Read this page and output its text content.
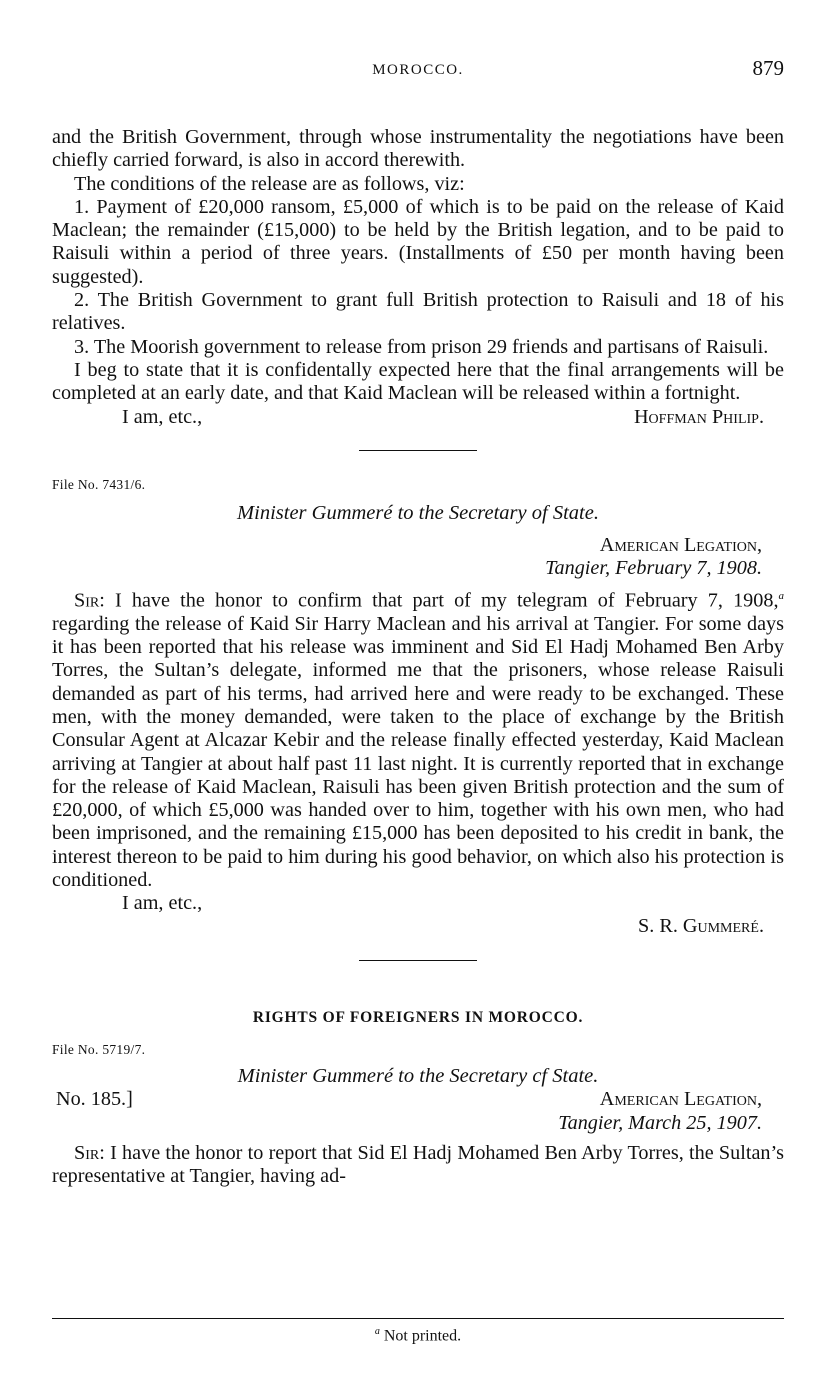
MOROCCO.	879

and the British Government, through whose instrumentality the negotiations have been chiefly carried forward, is also in accord therewith.

The conditions of the release are as follows, viz:

1. Payment of £20,000 ransom, £5,000 of which is to be paid on the release of Kaid Maclean; the remainder (£15,000) to be held by the British legation, and to be paid to Raisuli within a period of three years. (Installments of £50 per month having been suggested).

2. The British Government to grant full British protection to Raisuli and 18 of his relatives.

3. The Moorish government to release from prison 29 friends and partisans of Raisuli.

I beg to state that it is confidentally expected here that the final arrangements will be completed at an early date, and that Kaid Maclean will be released within a fortnight.

I am, etc.,	Hoffman Philip.

File No. 7431/6.

Minister Gummeré to the Secretary of State.

American Legation,

Tangier, February 7, 1908.

Sir: I have the honor to confirm that part of my telegram of February 7, 1908,$^a$ regarding the release of Kaid Sir Harry Maclean and his arrival at Tangier. For some days it has been reported that his release was imminent and Sid El Hadj Mohamed Ben Arby Torres, the Sultan’s delegate, informed me that the prisoners, whose release Raisuli demanded as part of his terms, had arrived here and were ready to be exchanged. These men, with the money demanded, were taken to the place of exchange by the British Consular Agent at Alcazar Kebir and the release finally effected yesterday, Kaid Maclean arriving at Tangier at about half past 11 last night. It is currently reported that in exchange for the release of Kaid Maclean, Raisuli has been given British protection and the sum of £20,000, of which £5,000 was handed over to him, together with his own men, who had been imprisoned, and the remaining £15,000 has been deposited to his credit in bank, the interest thereon to be paid to him during his good behavior, on which also his protection is conditioned.

I am, etc.,
S. R. Gummeré.

RIGHTS OF FOREIGNERS IN MOROCCO.

File No. 5719/7.

Minister Gummeré to the Secretary cf State.

No. 185.]	American Legation,

Tangier, March 25, 1907.

Sir: I have the honor to report that Sid El Hadj Mohamed Ben Arby Torres, the Sultan’s representative at Tangier, having ad-

$^a$ Not printed.
